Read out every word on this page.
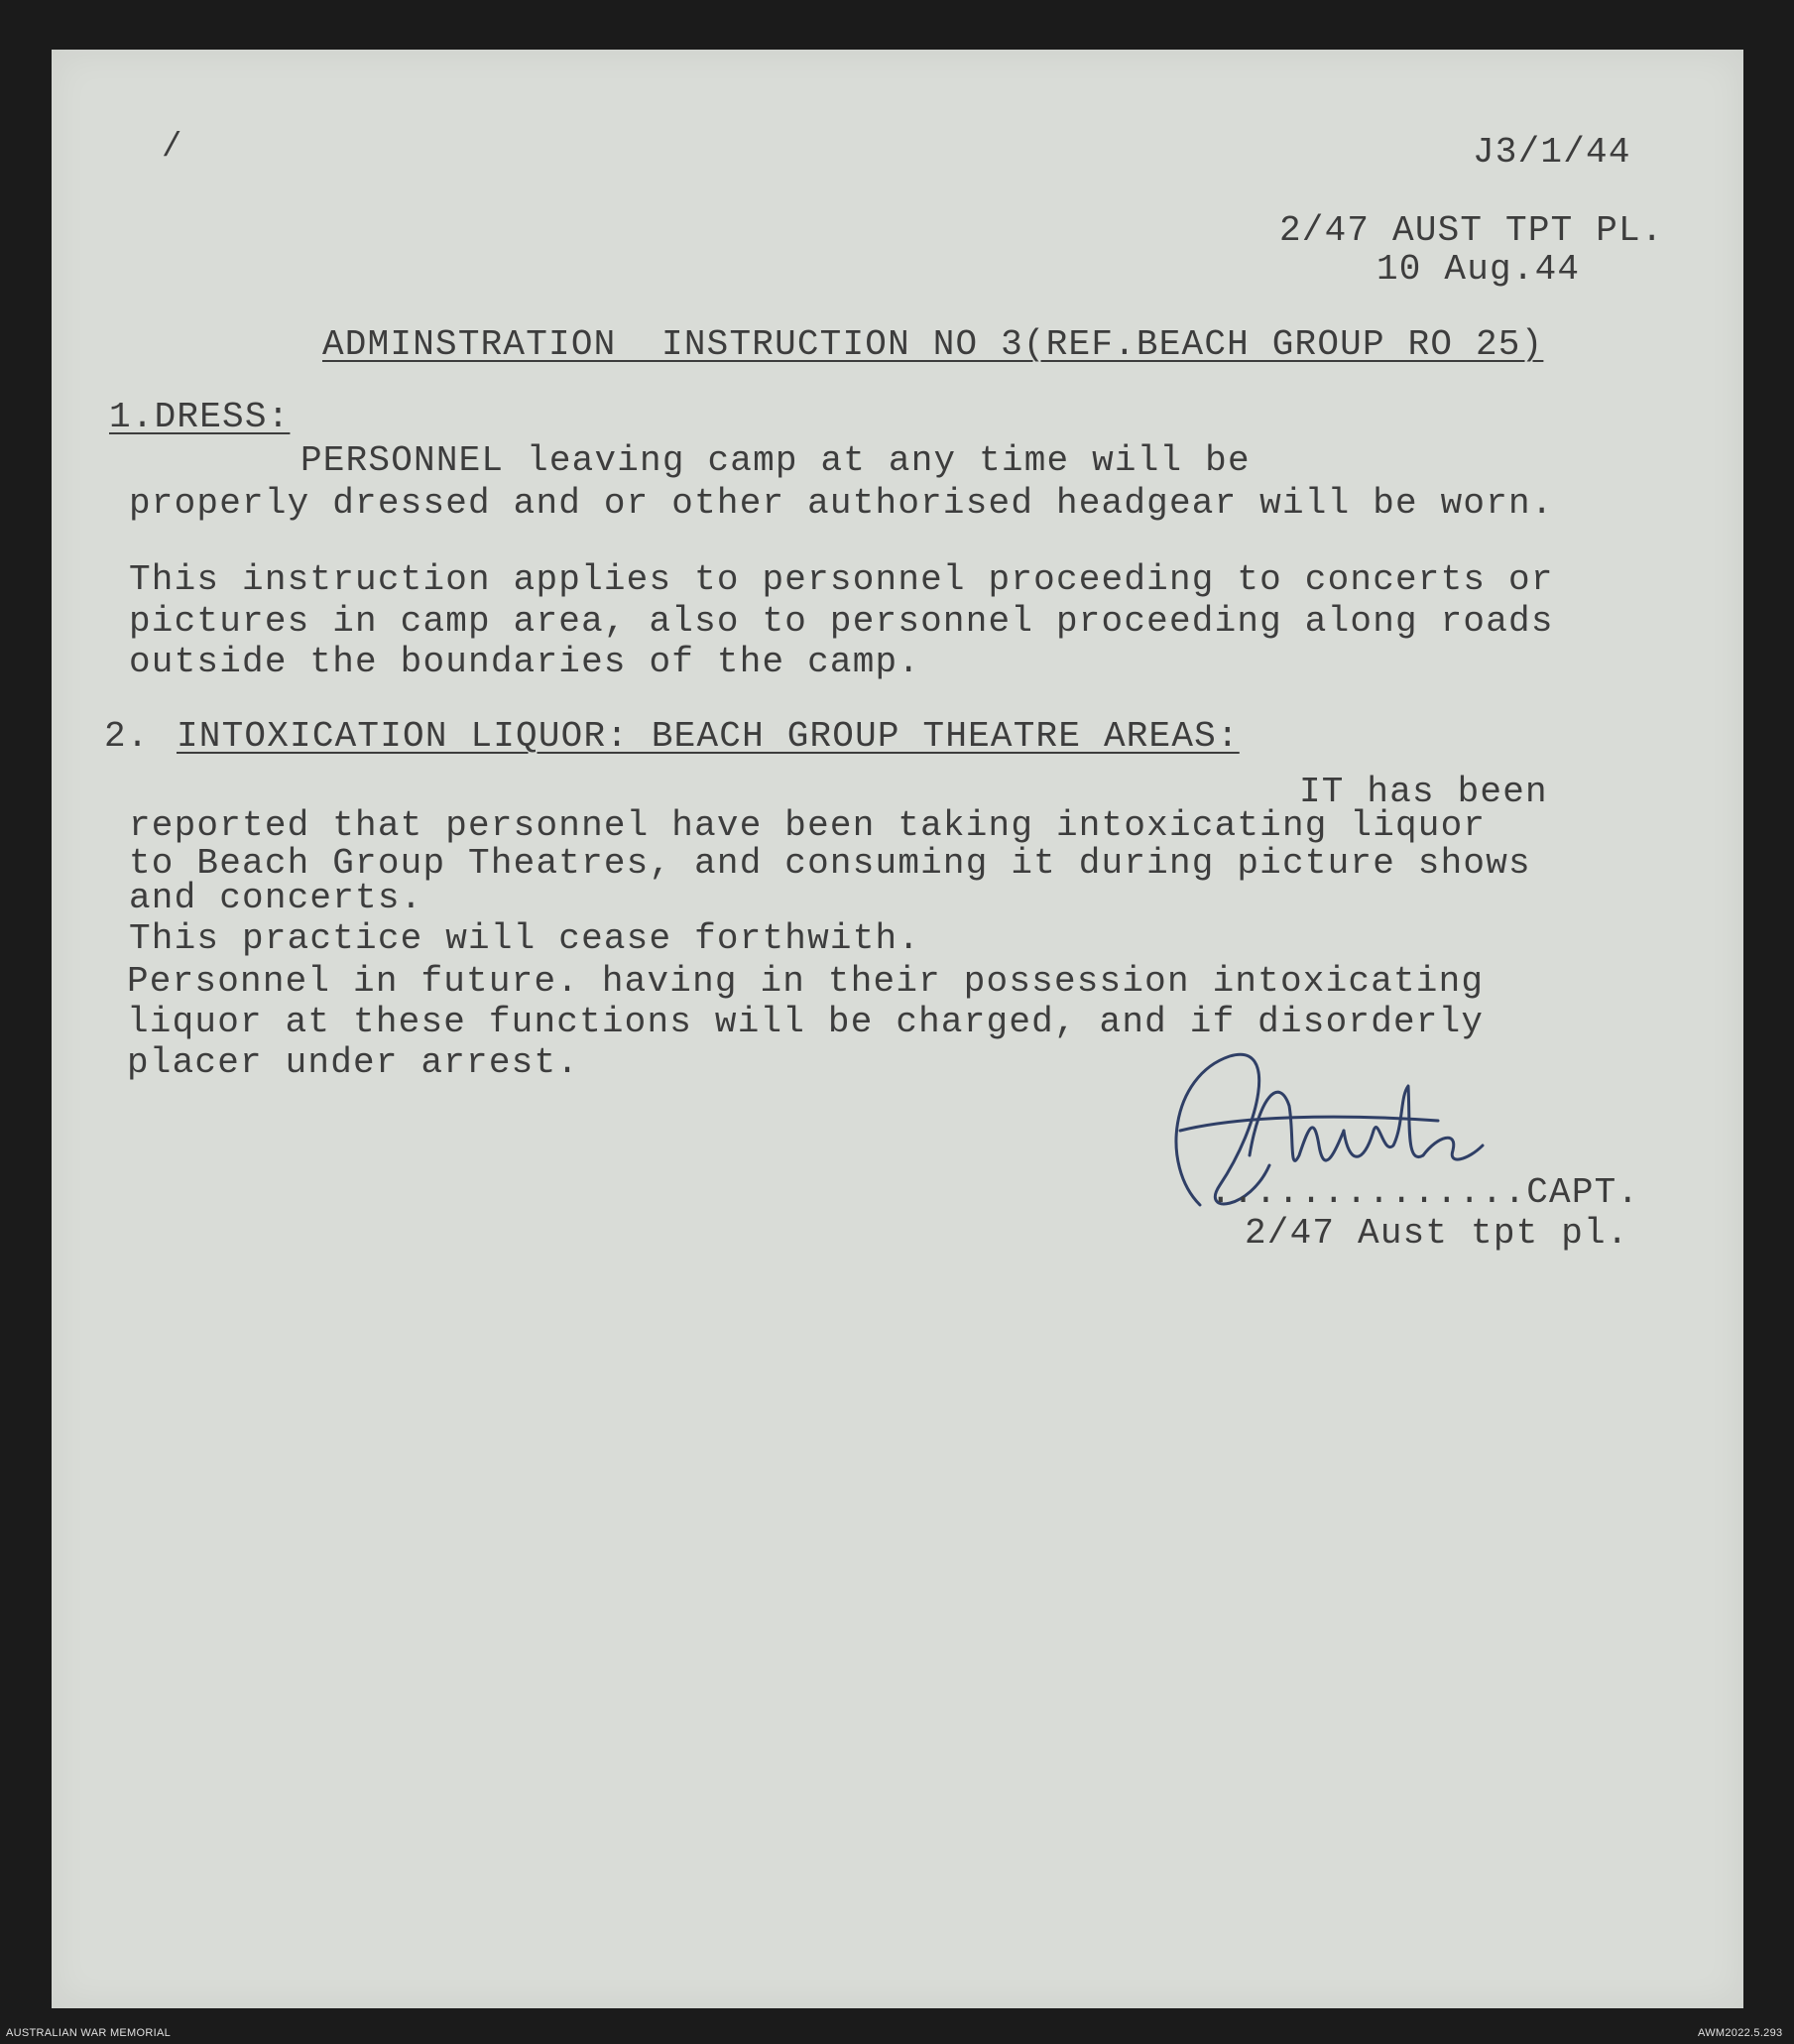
/	J3/1/44

2/47 AUST TPT PL.

10 Aug.44

ADMINSTRATION  INSTRUCTION NO 3(REF.BEACH GROUP RO 25)

1.DRESS:

PERSONNEL leaving camp at any time will be

properly dressed and or other authorised headgear will be worn.

This instruction applies to personnel proceeding to concerts or

pictures in camp area, also to personnel proceeding along roads

outside the boundaries of the camp.

2. INTOXICATION LIQUOR: BEACH GROUP THEATRE AREAS:

IT has been

reported that personnel have been taking intoxicating liquor

to Beach Group Theatres, and consuming it during picture shows

and concerts.

This practice will cease forthwith.

Personnel in future. having in their possession intoxicating

liquor at these functions will be charged, and if disorderly

placer under arrest.

..............CAPT.

2/47 Aust tpt pl.

AUSTRALIAN WAR MEMORIAL	AWM2022.5.293
